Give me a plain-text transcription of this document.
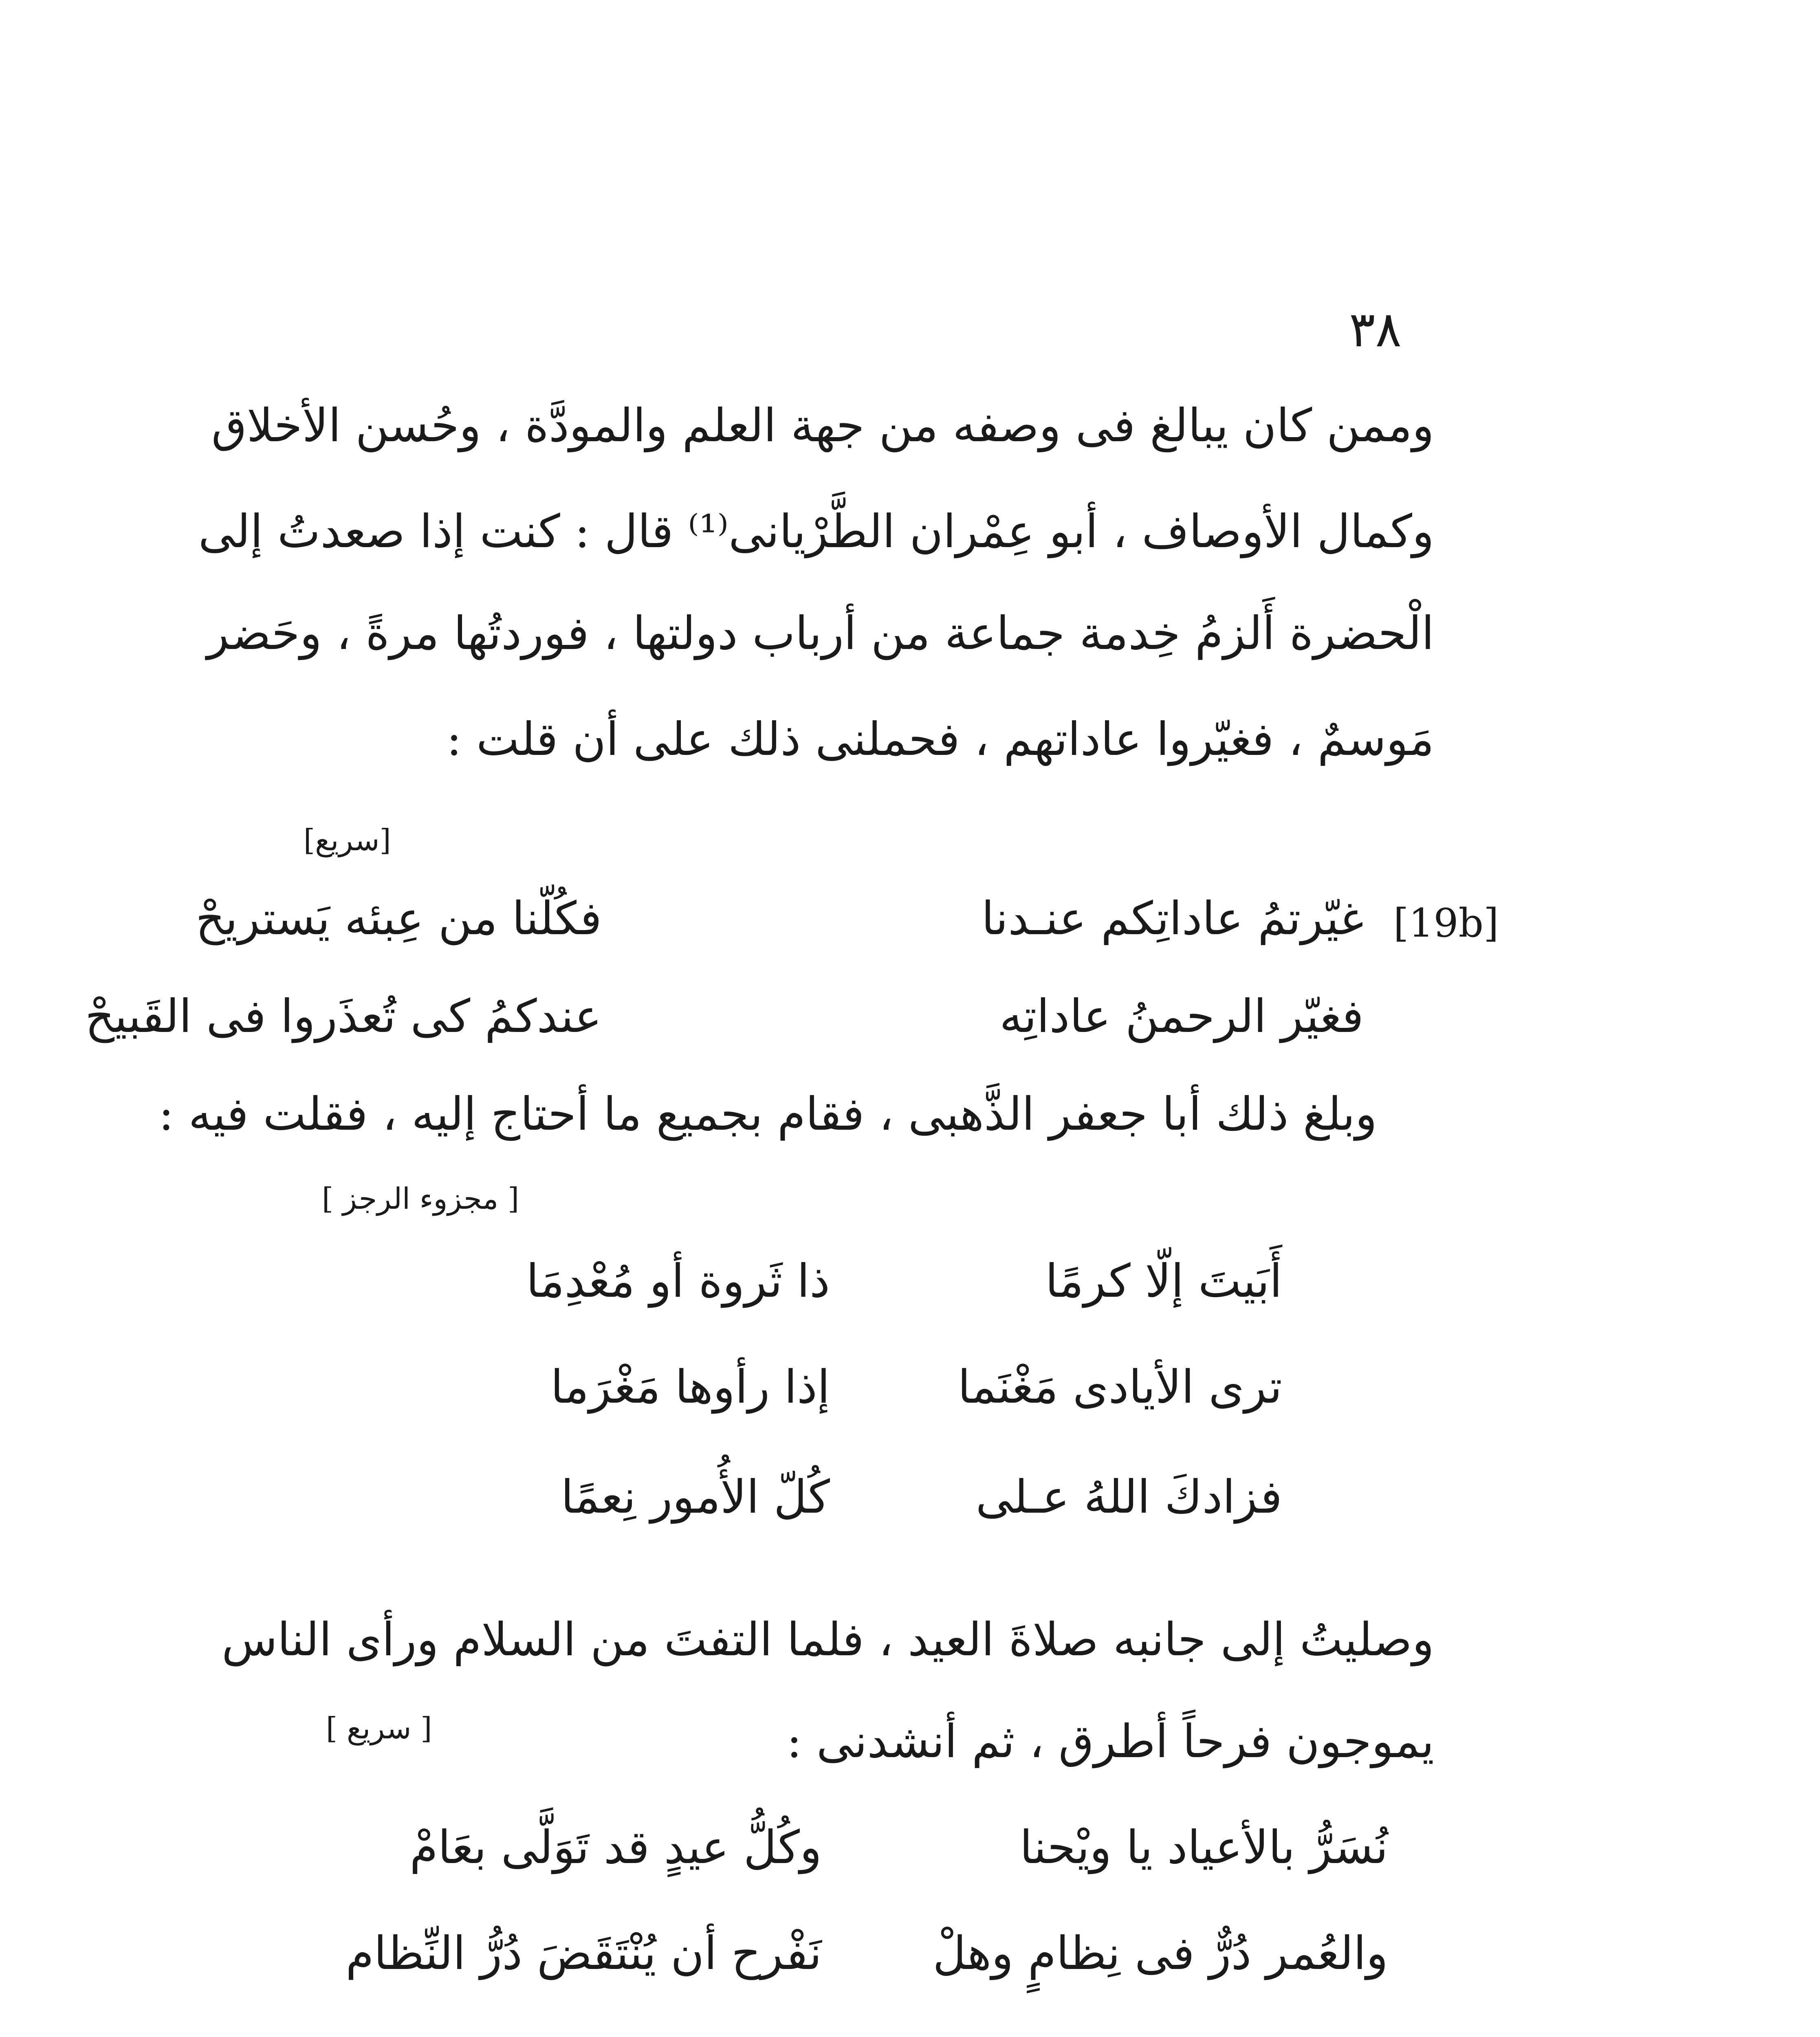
٣٨
وممن كان يبالغ فى وصفه من جهة العلم والمودَّة ، وحُسن الأخلاق
وكمال الأوصاف ، أبو عِمْران الطَّرْيانى⁽¹⁾ قال : كنت إذا صعدتُ إلى
الْحضرة أَلزمُ خِدمة جماعة من أرباب دولتها ، فوردتُها مرةً ، وحَضر
مَوسمٌ ، فغيّروا عاداتهم ، فحملنى ذلك على أن قلت :
[سريع]
[19b]
غيّرتمُ عاداتِكم عنـدنا
فكُلّنا من عِبئه يَستريحْ
فغيّر الرحمنُ عاداتِه
عندكمُ كى تُعذَروا فى القَبيحْ
وبلغ ذلك أبا جعفر الذَّهبى ، فقام بجميع ما أحتاج إليه ، فقلت فيه :
[ مجزوء الرجز ]
أَبَيتَ إلّا كرمًا
ذا ثَروة أو مُعْدِمَا
ترى الأيادى مَغْنَما
إذا رأوها مَغْرَما
فزادكَ اللهُ عـلى
كُلّ الأُمور نِعمًا
وصليتُ إلى جانبه صلاةَ العيد ، فلما التفتَ من السلام ورأى الناس
يموجون فرحاً أطرق ، ثم أنشدنى :
[ سريع ]
نُسَرُّ بالأعياد يا ويْحنا
وكُلُّ عيدٍ قد تَوَلَّى بعَامْ
والعُمر دُرٌّ فى نِظامٍ وهلْ
نَفْرح أن يُنْتَقَضَ دُرُّ النِّظام
